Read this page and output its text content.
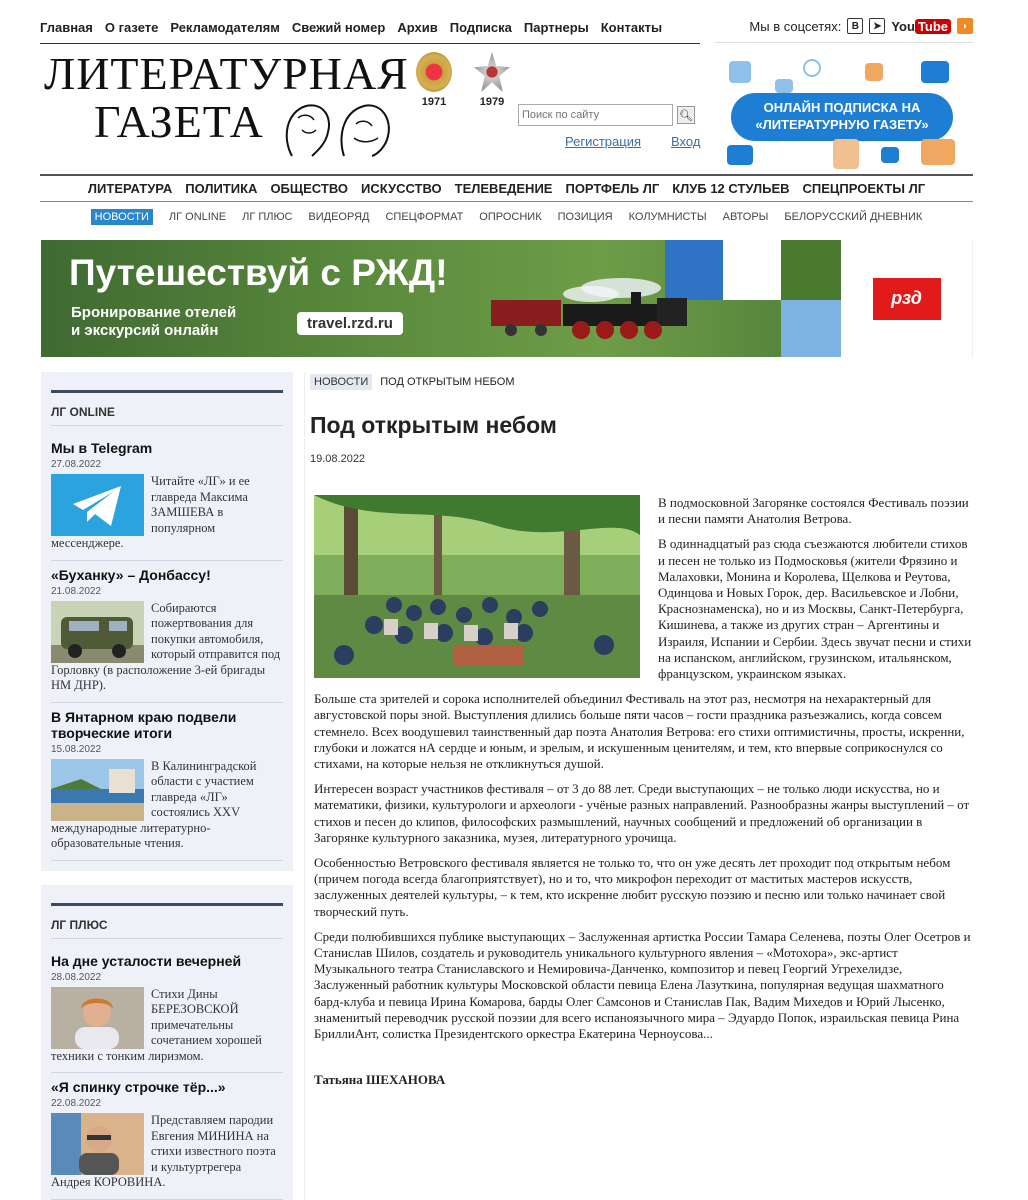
Главная О газете Рекламодателям Свежий номер Архив Подписка Партнеры Контакты	Мы в соцсетях:	В	➤ You Tube	◗
ЛИТЕРАТУРНАЯ
ГАЗЕТА	1971	1979
Поиск по сайту
🔍︎
Регистрация Вход
ОНЛАЙН ПОДПИСКА НА
«ЛИТЕРАТУРНУЮ ГАЗЕТУ»
ЛИТЕРАТУРА ПОЛИТИКА ОБЩЕСТВО ИСКУССТВО ТЕЛЕВЕДЕНИЕ ПОРТФЕЛЬ ЛГ КЛУБ 12 СТУЛЬЕВ СПЕЦПРОЕКТЫ ЛГ
НОВОСТИ	ЛГ ONLINE ЛГ ПЛЮС ВИДЕОРЯД СПЕЦФОРМАТ ОПРОСНИК ПОЗИЦИЯ КОЛУМНИСТЫ АВТОРЫ БЕЛОРУССКИЙ ДНЕВНИК
Путешествуй с РЖД!
Бронирование отелей
и экскурсий онлайн	travel.rzd.ru
рзд
ЛГ ONLINE
Мы в Telegram
27.08.2022

Читайте «ЛГ» и ее главреда Максима ЗАМШЕВА в популярном мессенджере.

«Буханку» – Донбассу!
21.08.2022

Собираются пожертвования для покупки автомобиля, который отправится под Горловку (в расположение 3-ей бригады НМ ДНР).

В Янтарном краю подвели творческие итоги
15.08.2022

В Калининградской области с участием главреда «ЛГ» состоялись XXV международные литературно-образовательные чтения.

ЛГ ПЛЮС
На дне усталости вечерней
28.08.2022

Стихи Дины БЕРЕЗОВСКОЙ примечательны сочетанием хорошей техники с тонким лиризмом.

«Я спинку строчке тёр...»
22.08.2022

Представляем пародии Евгения МИНИНА на стихи известного поэта и культуртрегера Андрея КОРОВИНА.

НОВОСТИ	ПОД ОТКРЫТЫМ НЕБОМ
Под открытым небом
19.08.2022

В подмосковной Загорянке состоялся Фестиваль поэзии и песни памяти Анатолия Ветрова.

В одиннадцатый раз сюда съезжаются любители стихов и песен не только из Подмосковья (жители Фрязино и Малаховки, Монина и Королева, Щелкова и Реутова, Одинцова и Новых Горок, дер. Васильевское и Лобни, Краснознаменска), но и из Москвы, Санкт-Петербурга, Кишинева, а также из других стран – Аргентины и Израиля, Испании и Сербии. Здесь звучат песни и стихи на испанском, английском, грузинском, итальянском, французском, украинском языках.

Больше ста зрителей и сорока исполнителей объединил Фестиваль на этот раз, несмотря на нехарактерный для августовской поры зной. Выступления длились больше пяти часов – гости праздника разъезжались, когда совсем стемнело. Всех воодушевил таинственный дар поэта Анатолия Ветрова: его стихи оптимистичны, просты, искренни, глубоки и ложатся нА сердце и юным, и зрелым, и искушенным ценителям, и тем, кто впервые соприкоснулся со стихами, на которые нельзя не откликнуться душой.

Интересен возраст участников фестиваля – от 3 до 88 лет. Среди выступающих – не только люди искусства, но и математики, физики, культурологи и археологи - учёные разных направлений. Разнообразны жанры выступлений – от стихов и песен до клипов, философских размышлений, научных сообщений и предложений об организации в Загорянке культурного заказника, музея, литературного урочища.

Особенностью Ветровского фестиваля является не только то, что он уже десять лет проходит под открытым небом (причем погода всегда благоприятствует), но и то, что микрофон переходит от маститых мастеров искусств, заслуженных деятелей культуры, – к тем, кто искренне любит русскую поэзию и песню или только начинает свой творческий путь.

Среди полюбившихся публике выступающих – Заслуженная артистка России Тамара Селенева, поэты Олег Осетров и Станислав Шилов, создатель и руководитель уникального культурного явления – «Мотохора», экс-артист Музыкального театра Станиславского и Немировича-Данченко, композитор и певец Георгий Угрехелидзе, Заслуженный работник культуры Московской области певица Елена Лазуткина, популярная ведущая шахматного бард-клуба и певица Ирина Комарова, барды Олег Самсонов и Станислав Пак, Вадим Михедов и Юрий Лысенко, знаменитый переводчик русской поэзии для всего испаноязычного мира – Эдуардо Попок, израильская певица Рина БриллиАнт, солистка Президентского оркестра Екатерина Черноусова...

Татьяна ШЕХАНОВА
